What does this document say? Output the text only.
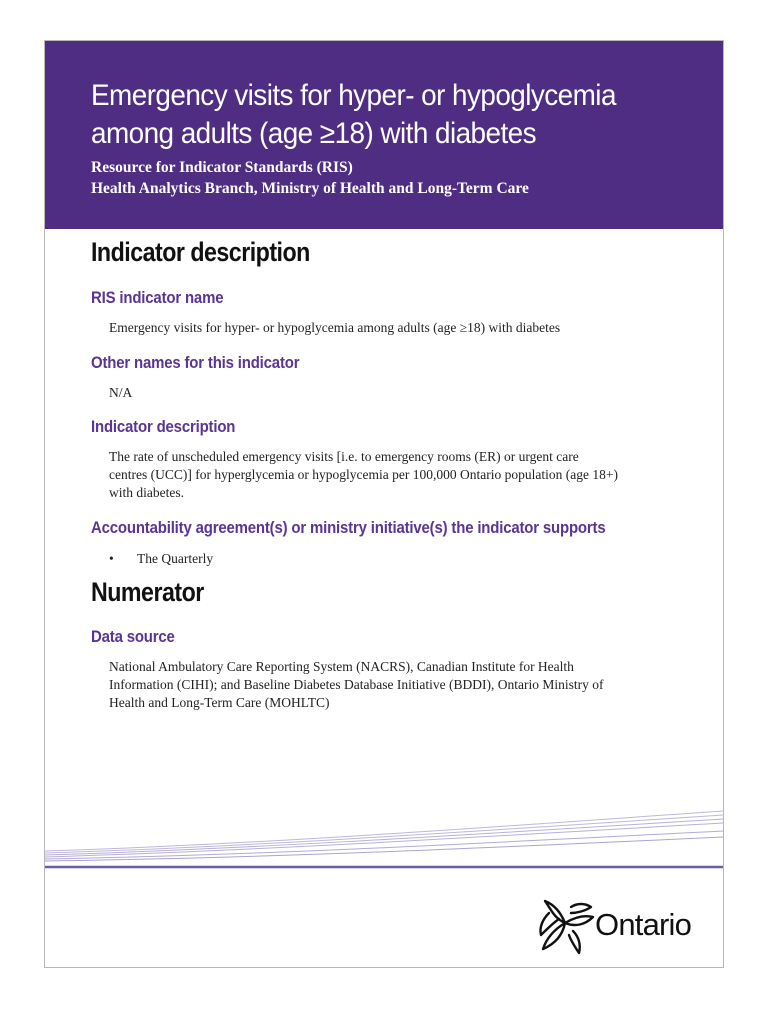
Emergency visits for hyper- or hypoglycemia
among adults (age ≥18) with diabetes

Resource for Indicator Standards (RIS)

Health Analytics Branch, Ministry of Health and Long-Term Care

Indicator description
RIS indicator name

Emergency visits for hyper- or hypoglycemia among adults (age ≥18) with diabetes

Other names for this indicator

N/A

Indicator description

The rate of unscheduled emergency visits [i.e. to emergency rooms (ER) or urgent care

centres (UCC)] for hyperglycemia or hypoglycemia per 100,000 Ontario population (age 18+)

with diabetes.

Accountability agreement(s) or ministry initiative(s) the indicator supports
• The Quarterly
Numerator
Data source

National Ambulatory Care Reporting System (NACRS), Canadian Institute for Health

Information (CIHI); and Baseline Diabetes Database Initiative (BDDI), Ontario Ministry of

Health and Long-Term Care (MOHLTC)

Ontario
